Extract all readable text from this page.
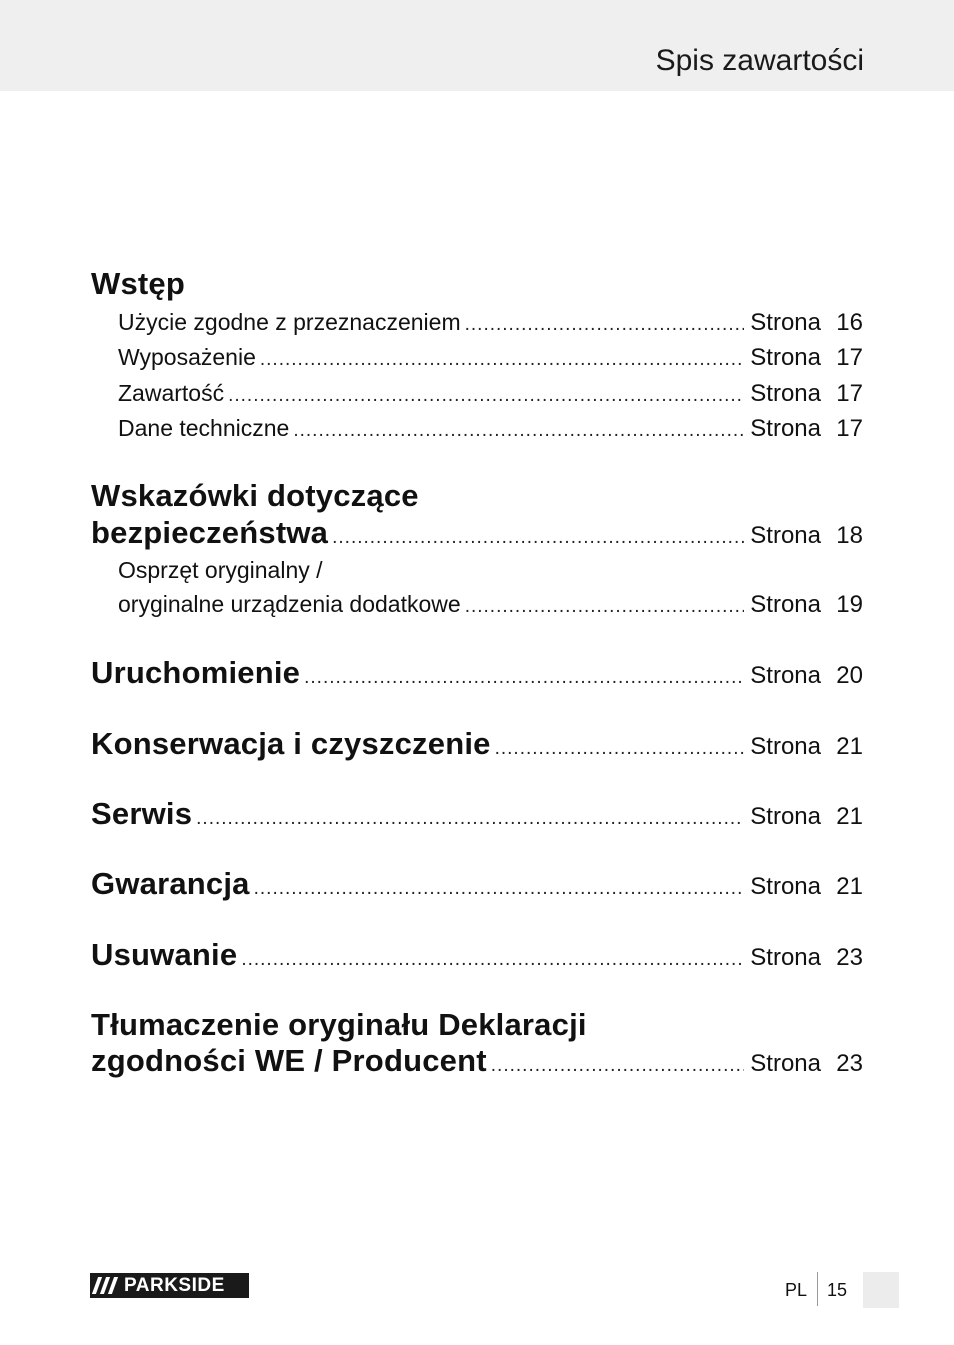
Spis zawartości
Wstęp
Użycie zgodne z przeznaczeniem .....	Strona 16
Wyposażenie .....	Strona 17
Zawartość .....	Strona 17
Dane techniczne .....	Strona 17
Wskazówki dotyczące
bezpieczeństwa .....	Strona 18
Osprzęt oryginalny /
oryginalne urządzenia dodatkowe .....	Strona 19
Uruchomienie .....	Strona 20
Konserwacja i czyszczenie .....	Strona 21
Serwis .....	Strona 21
Gwarancja .....	Strona 21
Usuwanie .....	Strona 23
Tłumaczenie oryginału Deklaracji
zgodności WE / Producent .....	Strona 23
PARKSIDE	PL 15
